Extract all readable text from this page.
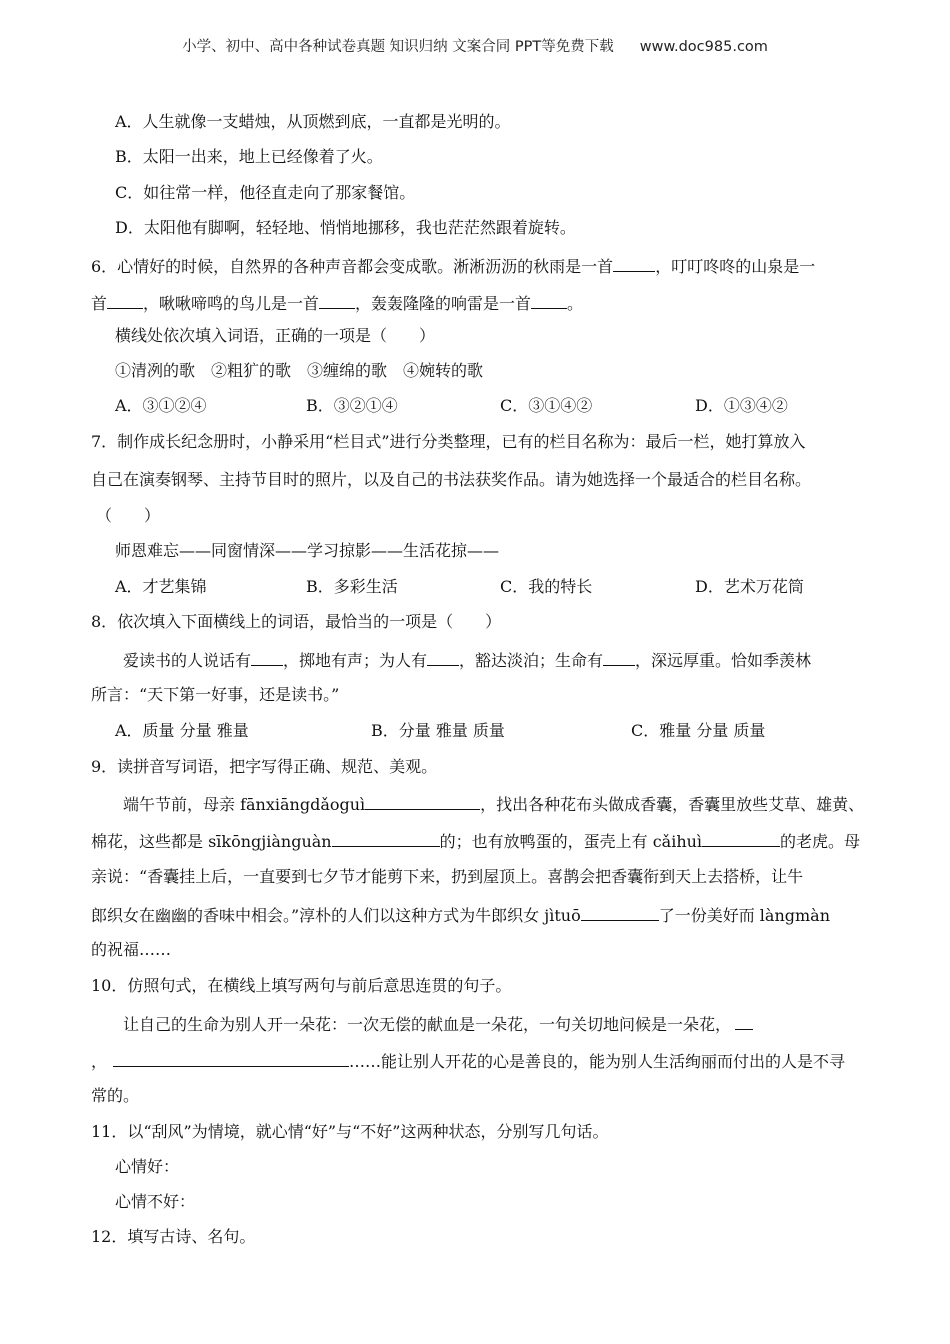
小学、初中、高中各种试卷真题 知识归纳 文案合同 PPT等免费下载 www.doc985.com
A．人生就像一支蜡烛，从顶燃到底，一直都是光明的。
B．太阳一出来，地上已经像着了火。
C．如往常一样，他径直走向了那家餐馆。
D．太阳他有脚啊，轻轻地、悄悄地挪移，我也茫茫然跟着旋转。
6．心情好的时候，自然界的各种声音都会变成歌。淅淅沥沥的秋雨是一首	，叮叮咚咚的山泉是一
首 ，啾啾啼鸣的鸟儿是一首 ，轰轰隆隆的响雷是一首 。
横线处依次填入词语，正确的一项是（　　）
①清冽的歌　②粗犷的歌　③缠绵的歌　④婉转的歌
A．③①②④	B．③②①④	C．③①④②	D．①③④②
7．制作成长纪念册时，小静采用“栏目式”进行分类整理，已有的栏目名称为：最后一栏，她打算放入
自己在演奏钢琴、主持节目时的照片，以及自己的书法获奖作品。请为她选择一个最适合的栏目名称。
（　　）
师恩难忘——同窗情深——学习掠影——生活花掠——
A．才艺集锦	B．多彩生活	C．我的特长	D．艺术万花筒
8．依次填入下面横线上的词语，最恰当的一项是（　　）
爱读书的人说话有 ，掷地有声；为人有 ，豁达淡泊；生命有 ，深远厚重。恰如季羡林
所言：“天下第一好事，还是读书。”
A．质量 分量 雅量	B．分量 雅量 质量	C．雅量 分量 质量
9．读拼音写词语，把字写得正确、规范、美观。
端午节前，母亲 fānxiāngdǎoguì	，找出各种花布头做成香囊，香囊里放些艾草、雄黄、
棉花，这些都是 sīkōngjiànguàn	的；也有放鸭蛋的，蛋壳上有 cǎihuì	的老虎。母
亲说：“香囊挂上后，一直要到七夕节才能剪下来，扔到屋顶上。喜鹊会把香囊衔到天上去搭桥，让牛
郎织女在幽幽的香味中相会。”淳朴的人们以这种方式为牛郎织女 jìtuō	了一份美好而 làngmàn
的祝福……
10．仿照句式，在横线上填写两句与前后意思连贯的句子。
让自己的生命为别人开一朵花：一次无偿的献血是一朵花，一句关切地问候是一朵花，
，	……能让别人开花的心是善良的，能为别人生活绚丽而付出的人是不寻
常的。
11．以“刮风”为情境，就心情“好”与“不好”这两种状态，分别写几句话。
心情好：
心情不好：
12．填写古诗、名句。
